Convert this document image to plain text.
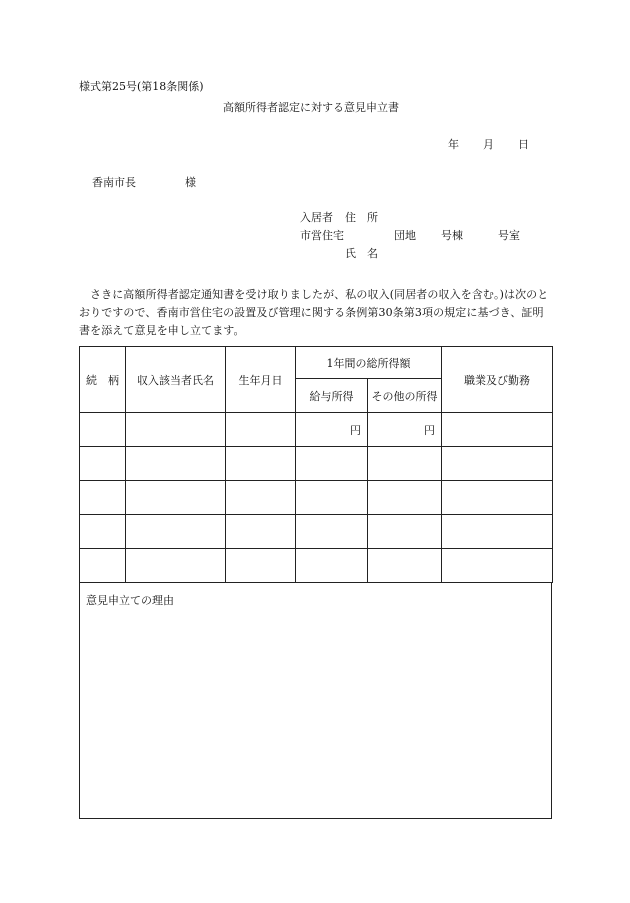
様式第25号(第18条関係)
高額所得者認定に対する意見申立書
年 月 日
香南市長	様
入居者 住　所
市営住宅	団地 号棟	号室
氏　名
さきに高額所得者認定通知書を受け取りましたが、私の収入(同居者の収入を含む。)は次のとおりですので、香南市営住宅の設置及び管理に関する条例第30条第3項の規定に基づき、証明書を添えて意見を申し立てます。
続　柄	収入該当者氏名	生年月日	1年間の総所得額		職業及び勤務
			給与所得	その他の所得	
			円	円	

意見申立ての理由
